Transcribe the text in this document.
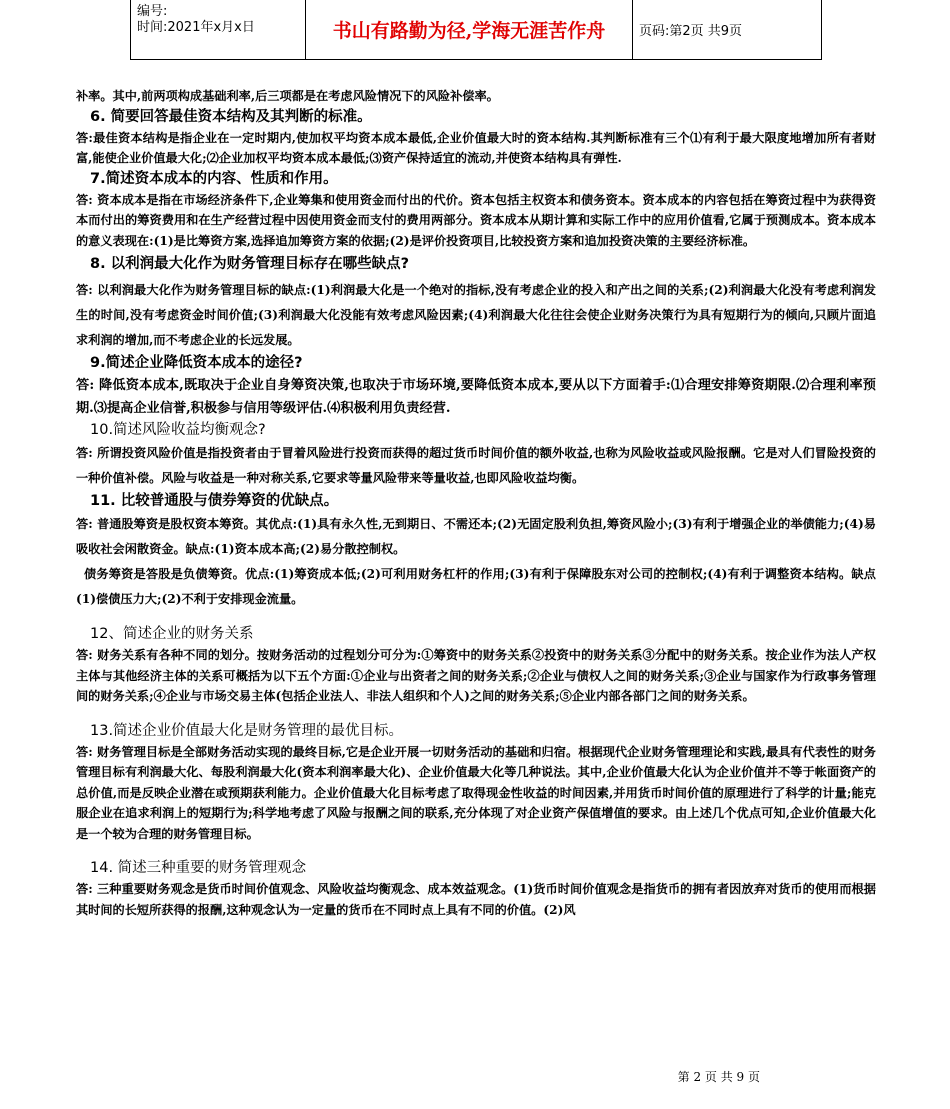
编号:
时间:2021年x月x日	书山有路勤为径,学海无涯苦作舟	页码:第2页 共9页

补率。其中,前两项构成基础利率,后三项都是在考虑风险情况下的风险补偿率。

6. 简要回答最佳资本结构及其判断的标准。

答:最佳资本结构是指企业在一定时期内,使加权平均资本成本最低,企业价值最大时的资本结构.其判断标准有三个⑴有利于最大限度地增加所有者财富,能使企业价值最大化;⑵企业加权平均资本成本最低;⑶资产保持适宜的流动,并使资本结构具有弹性.

7.简述资本成本的内容、性质和作用。

答: 资本成本是指在市场经济条件下,企业筹集和使用资金而付出的代价。资本包括主权资本和债务资本。资本成本的内容包括在筹资过程中为获得资本而付出的筹资费用和在生产经营过程中因使用资金而支付的费用两部分。资本成本从期计算和实际工作中的应用价值看,它属于预测成本。资本成本的意义表现在:(1)是比筹资方案,选择追加筹资方案的依据;(2)是评价投资项目,比较投资方案和追加投资决策的主要经济标准。

8. 以利润最大化作为财务管理目标存在哪些缺点?

答: 以利润最大化作为财务管理目标的缺点:(1)利润最大化是一个绝对的指标,没有考虑企业的投入和产出之间的关系;(2)利润最大化没有考虑利润发生的时间,没有考虑资金时间价值;(3)利润最大化没能有效考虑风险因素;(4)利润最大化往往会使企业财务决策行为具有短期行为的倾向,只顾片面追求利润的增加,而不考虑企业的长远发展。

9.简述企业降低资本成本的途径?

答: 降低资本成本,既取决于企业自身筹资决策,也取决于市场环境,要降低资本成本,要从以下方面着手:⑴合理安排筹资期限.⑵合理利率预期.⑶提高企业信誉,积极参与信用等级评估.⑷积极利用负责经营.

10.简述风险收益均衡观念?

答: 所谓投资风险价值是指投资者由于冒着风险进行投资而获得的超过货币时间价值的额外收益,也称为风险收益或风险报酬。它是对人们冒险投资的一种价值补偿。风险与收益是一种对称关系,它要求等量风险带来等量收益,也即风险收益均衡。

11. 比较普通股与债券筹资的优缺点。

答: 普通股筹资是股权资本筹资。其优点:(1)具有永久性,无到期日、不需还本;(2)无固定股利负担,筹资风险小;(3)有利于增强企业的举债能力;(4)易吸收社会闲散资金。缺点:(1)资本成本高;(2)易分散控制权。

债务筹资是答股是负债筹资。优点:(1)筹资成本低;(2)可利用财务杠杆的作用;(3)有利于保障股东对公司的控制权;(4)有利于调整资本结构。缺点(1)偿债压力大;(2)不利于安排现金流量。

12、简述企业的财务关系

答: 财务关系有各种不同的划分。按财务活动的过程划分可分为:①筹资中的财务关系②投资中的财务关系③分配中的财务关系。按企业作为法人产权主体与其他经济主体的关系可概括为以下五个方面:①企业与出资者之间的财务关系;②企业与债权人之间的财务关系;③企业与国家作为行政事务管理间的财务关系;④企业与市场交易主体(包括企业法人、非法人组织和个人)之间的财务关系;⑤企业内部各部门之间的财务关系。

13.简述企业价值最大化是财务管理的最优目标。

答: 财务管理目标是全部财务活动实现的最终目标,它是企业开展一切财务活动的基础和归宿。根据现代企业财务管理理论和实践,最具有代表性的财务管理目标有利润最大化、每股利润最大化(资本利润率最大化)、企业价值最大化等几种说法。其中,企业价值最大化认为企业价值并不等于帐面资产的总价值,而是反映企业潜在或预期获利能力。企业价值最大化目标考虑了取得现金性收益的时间因素,并用货币时间价值的原理进行了科学的计量;能克服企业在追求利润上的短期行为;科学地考虑了风险与报酬之间的联系,充分体现了对企业资产保值增值的要求。由上述几个优点可知,企业价值最大化是一个较为合理的财务管理目标。

14. 简述三种重要的财务管理观念

答: 三种重要财务观念是货币时间价值观念、风险收益均衡观念、成本效益观念。(1)货币时间价值观念是指货币的拥有者因放弃对货币的使用而根据其时间的长短所获得的报酬,这种观念认为一定量的货币在不同时点上具有不同的价值。(2)风

第 2 页 共 9 页
